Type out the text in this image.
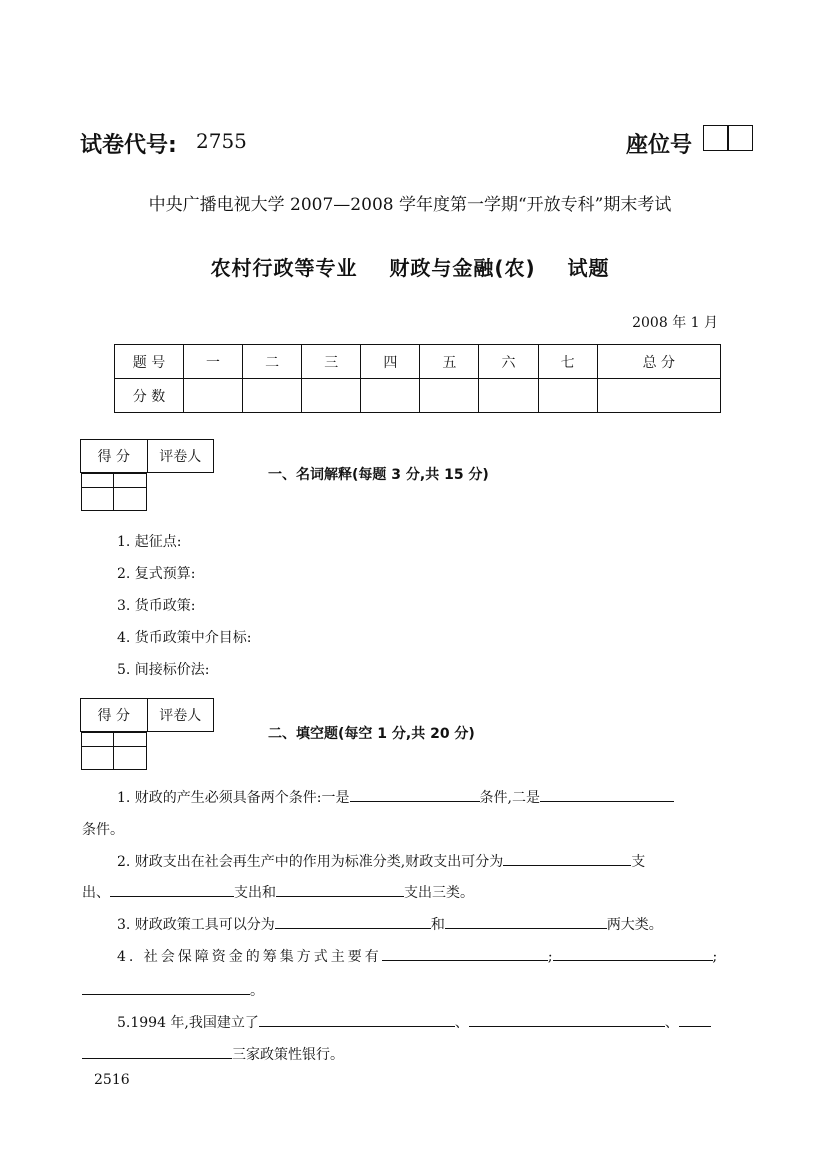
试卷代号: 2755	座位号
中央广播电视大学 2007—2008 学年度第一学期“开放专科”期末考试
农村行政等专业 财政与金融(农) 试题
2008 年 1 月
题 号	一	二	三	四	五	六	七	总 分
分 数								
得 分	评卷人

一、名词解释(每题 3 分,共 15 分)
1. 起征点:
2. 复式预算:
3. 货币政策:
4. 货币政策中介目标:
5. 间接标价法:
得 分	评卷人

二、填空题(每空 1 分,共 20 分)
1. 财政的产生必须具备两个条件:一是	条件,二是
条件。
2. 财政支出在社会再生产中的作用为标准分类,财政支出可分为	支
出、	支出和	支出三类。
3. 财政政策工具可以分为	和	两大类。
4. 社会保障资金的筹集方式主要有	;	;
。
5.1994 年,我国建立了	、	、
三家政策性银行。
2516
